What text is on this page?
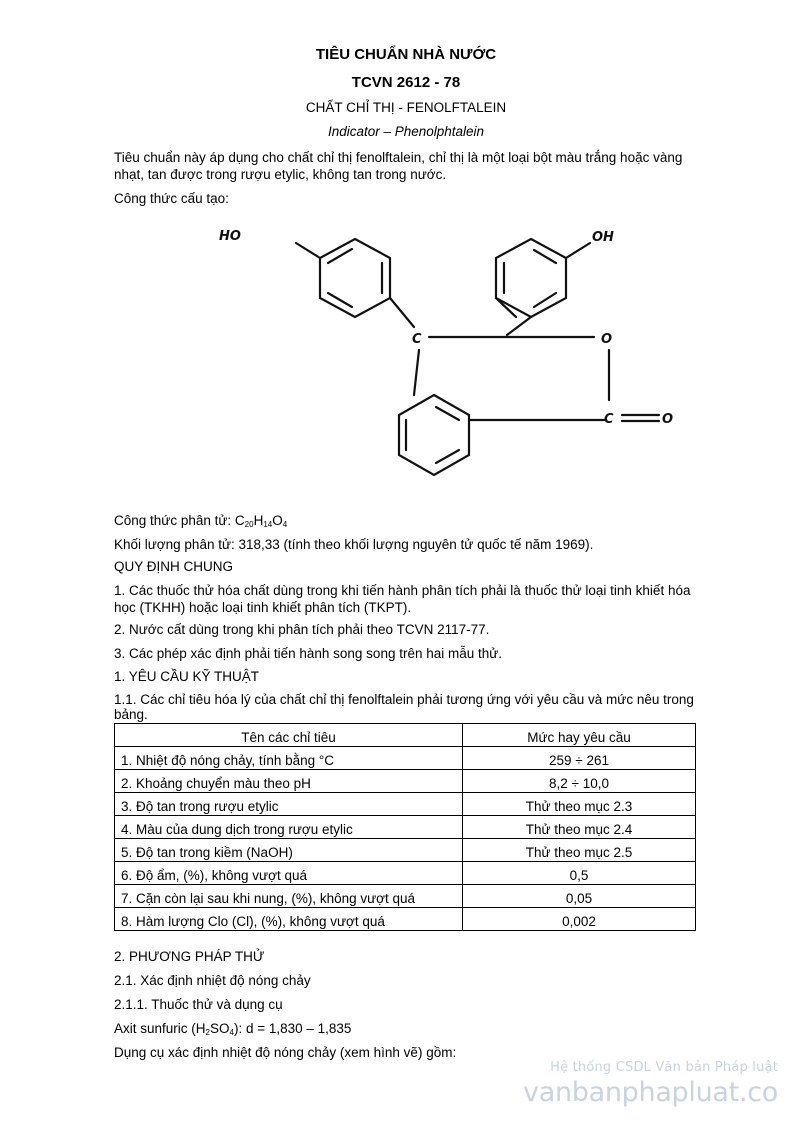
TIÊU CHUẨN NHÀ NƯỚC
TCVN 2612 - 78
CHẤT CHỈ THỊ - FENOLFTALEIN
Indicator – Phenolphtalein
Tiêu chuẩn này áp dụng cho chất chỉ thị fenolftalein, chỉ thị là một loại bột màu trắng hoặc vàng nhạt, tan được trong rượu etylic, không tan trong nước.
Công thức cấu tạo:
HO	OH
C	O
C	O
Công thức phân tử: $C_{20}H_{14}O_4$
Khối lượng phân tử: 318,33 (tính theo khối lượng nguyên tử quốc tế năm 1969).
QUY ĐỊNH CHUNG
1. Các thuốc thử hóa chất dùng trong khi tiến hành phân tích phải là thuốc thử loại tinh khiết hóa học (TKHH) hoặc loại tinh khiết phân tích (TKPT).
2. Nước cất dùng trong khi phân tích phải theo TCVN 2117-77.
3. Các phép xác định phải tiến hành song song trên hai mẫu thử.
1. YÊU CẦU KỸ THUẬT
1.1. Các chỉ tiêu hóa lý của chất chỉ thị fenolftalein phải tương ứng với yêu cầu và mức nêu trong bảng.
Tên các chỉ tiêu	Mức hay yêu cầu
1. Nhiệt độ nóng chảy, tính bằng °C	259 ÷ 261
2. Khoảng chuyển màu theo pH	8,2 ÷ 10,0
3. Độ tan trong rượu etylic	Thử theo mục 2.3
4. Màu của dung dịch trong rượu etylic	Thử theo mục 2.4
5. Độ tan trong kiềm (NaOH)	Thử theo mục 2.5
6. Độ ẩm, (%), không vượt quá	0,5
7. Cặn còn lại sau khi nung, (%), không vượt quá	0,05
8. Hàm lượng Clo (Cl), (%), không vượt quá	0,002
2. PHƯƠNG PHÁP THỬ
2.1. Xác định nhiệt độ nóng chảy
2.1.1. Thuốc thử và dụng cụ
Axit sunfuric $(H_2SO_4)$: d = 1,830 – 1,835
Dụng cụ xác định nhiệt độ nóng chảy (xem hình vẽ) gồm:
Hệ thống CSDL Văn bản Pháp luật
vanbanphapluat.co
